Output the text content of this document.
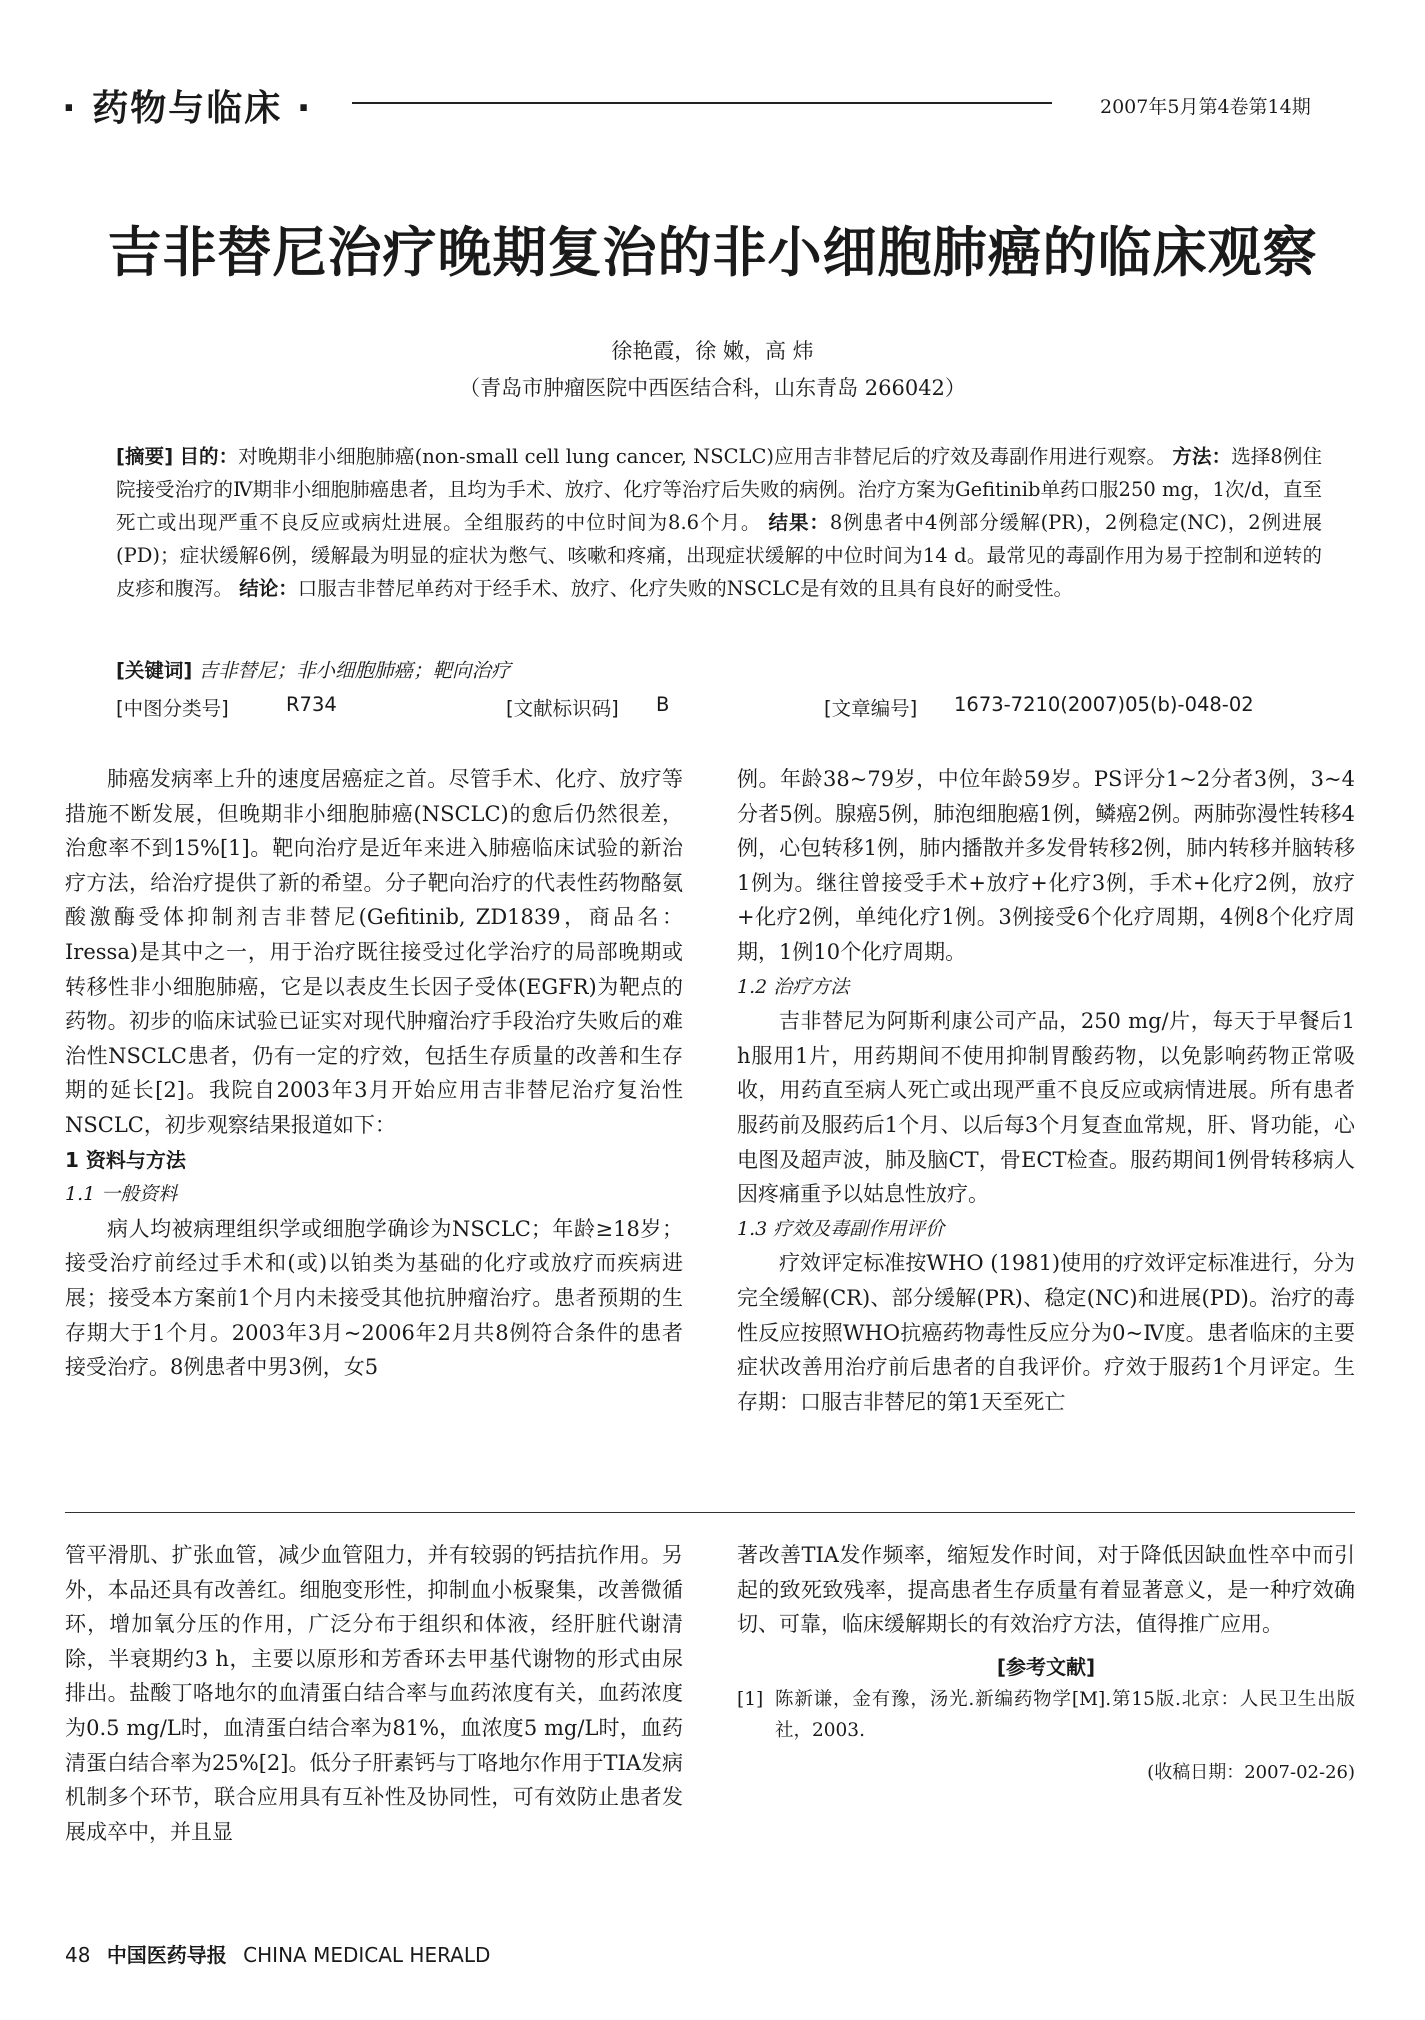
· 药物与临床 ·	2007年5月第4卷第14期
吉非替尼治疗晚期复治的非小细胞肺癌的临床观察
徐艳霞，徐 嫩，高 炜
（青岛市肿瘤医院中西医结合科，山东青岛 266042）
[摘要] 目的：对晚期非小细胞肺癌(non-small cell lung cancer, NSCLC)应用吉非替尼后的疗效及毒副作用进行观察。 方法：选择8例住院接受治疗的Ⅳ期非小细胞肺癌患者，且均为手术、放疗、化疗等治疗后失败的病例。治疗方案为Gefitinib单药口服250 mg，1次/d，直至死亡或出现严重不良反应或病灶进展。全组服药的中位时间为8.6个月。 结果：8例患者中4例部分缓解(PR)，2例稳定(NC)，2例进展(PD)；症状缓解6例，缓解最为明显的症状为憋气、咳嗽和疼痛，出现症状缓解的中位时间为14 d。最常见的毒副作用为易于控制和逆转的皮疹和腹泻。 结论：口服吉非替尼单药对于经手术、放疗、化疗失败的NSCLC是有效的且具有良好的耐受性。
[关键词] 吉非替尼；非小细胞肺癌；靶向治疗
[中图分类号]	R734	[文献标识码] B	[文章编号] 1673-7210(2007)05(b)-048-02

肺癌发病率上升的速度居癌症之首。尽管手术、化疗、放疗等措施不断发展，但晚期非小细胞肺癌(NSCLC)的愈后仍然很差，治愈率不到15%[1]。靶向治疗是近年来进入肺癌临床试验的新治疗方法，给治疗提供了新的希望。分子靶向治疗的代表性药物酪氨酸激酶受体抑制剂吉非替尼(Gefitinib, ZD1839，商品名：Iressa)是其中之一，用于治疗既往接受过化学治疗的局部晚期或转移性非小细胞肺癌，它是以表皮生长因子受体(EGFR)为靶点的药物。初步的临床试验已证实对现代肿瘤治疗手段治疗失败后的难治性NSCLC患者，仍有一定的疗效，包括生存质量的改善和生存期的延长[2]。我院自2003年3月开始应用吉非替尼治疗复治性NSCLC，初步观察结果报道如下：

1 资料与方法

1.1 一般资料

病人均被病理组织学或细胞学确诊为NSCLC；年龄≥18岁；接受治疗前经过手术和(或)以铂类为基础的化疗或放疗而疾病进展；接受本方案前1个月内未接受其他抗肿瘤治疗。患者预期的生存期大于1个月。2003年3月~2006年2月共8例符合条件的患者接受治疗。8例患者中男3例，女5

例。年龄38~79岁，中位年龄59岁。PS评分1~2分者3例，3~4分者5例。腺癌5例，肺泡细胞癌1例，鳞癌2例。两肺弥漫性转移4例，心包转移1例，肺内播散并多发骨转移2例，肺内转移并脑转移1例为。继往曾接受手术+放疗+化疗3例，手术+化疗2例，放疗+化疗2例，单纯化疗1例。3例接受6个化疗周期，4例8个化疗周期，1例10个化疗周期。

1.2 治疗方法

吉非替尼为阿斯利康公司产品，250 mg/片，每天于早餐后1 h服用1片，用药期间不使用抑制胃酸药物，以免影响药物正常吸收，用药直至病人死亡或出现严重不良反应或病情进展。所有患者服药前及服药后1个月、以后每3个月复查血常规，肝、肾功能，心电图及超声波，肺及脑CT，骨ECT检查。服药期间1例骨转移病人因疼痛重予以姑息性放疗。

1.3 疗效及毒副作用评价

疗效评定标准按WHO (1981)使用的疗效评定标准进行，分为完全缓解(CR)、部分缓解(PR)、稳定(NC)和进展(PD)。治疗的毒性反应按照WHO抗癌药物毒性反应分为0~Ⅳ度。患者临床的主要症状改善用治疗前后患者的自我评价。疗效于服药1个月评定。生存期：口服吉非替尼的第1天至死亡

管平滑肌、扩张血管，减少血管阻力，并有较弱的钙拮抗作用。另外，本品还具有改善红。细胞变形性，抑制血小板聚集，改善微循环，增加氧分压的作用，广泛分布于组织和体液，经肝脏代谢清除，半衰期约3 h，主要以原形和芳香环去甲基代谢物的形式由尿排出。盐酸丁咯地尔的血清蛋白结合率与血药浓度有关，血药浓度为0.5 mg/L时，血清蛋白结合率为81%，血浓度5 mg/L时，血药清蛋白结合率为25%[2]。低分子肝素钙与丁咯地尔作用于TIA发病机制多个环节，联合应用具有互补性及协同性，可有效防止患者发展成卒中，并且显

著改善TIA发作频率，缩短发作时间，对于降低因缺血性卒中而引起的致死致残率，提高患者生存质量有着显著意义，是一种疗效确切、可靠，临床缓解期长的有效治疗方法，值得推广应用。

[参考文献]

[1] 陈新谦，金有豫，汤光.新编药物学[M].第15版.北京：人民卫生出版社，2003.

(收稿日期：2007-02-26)

48 中国医药导报 CHINA MEDICAL HERALD
